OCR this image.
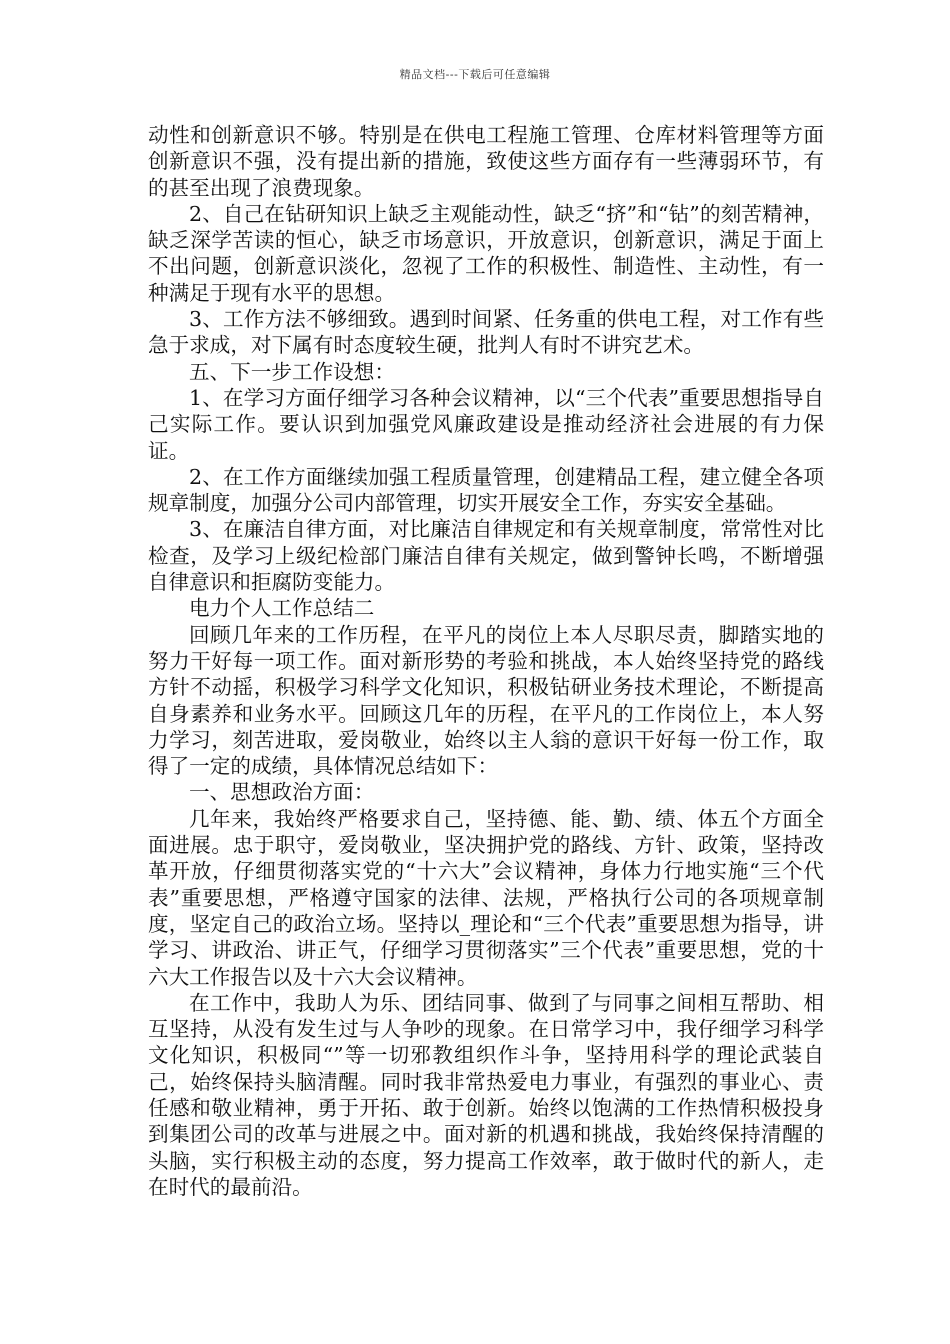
精品文档---下载后可任意编辑

动性和创新意识不够。特别是在供电工程施工管理、仓库材料管理等方面创新意识不强，没有提出新的措施，致使这些方面存有一些薄弱环节，有的甚至出现了浪费现象。

2、自己在钻研知识上缺乏主观能动性，缺乏“挤”和“钻”的刻苦精神，缺乏深学苦读的恒心，缺乏市场意识，开放意识，创新意识，满足于面上不出问题，创新意识淡化，忽视了工作的积极性、制造性、主动性，有一种满足于现有水平的思想。

3、工作方法不够细致。遇到时间紧、任务重的供电工程，对工作有些急于求成，对下属有时态度较生硬，批判人有时不讲究艺术。

五、下一步工作设想：

1、在学习方面仔细学习各种会议精神，以“三个代表”重要思想指导自己实际工作。要认识到加强党风廉政建设是推动经济社会进展的有力保证。

2、在工作方面继续加强工程质量管理，创建精品工程，建立健全各项规章制度，加强分公司内部管理，切实开展安全工作，夯实安全基础。

3、在廉洁自律方面，对比廉洁自律规定和有关规章制度，常常性对比检查，及学习上级纪检部门廉洁自律有关规定，做到警钟长鸣，不断增强自律意识和拒腐防变能力。

电力个人工作总结二

回顾几年来的工作历程，在平凡的岗位上本人尽职尽责，脚踏实地的努力干好每一项工作。面对新形势的考验和挑战，本人始终坚持党的路线方针不动摇，积极学习科学文化知识，积极钻研业务技术理论，不断提高自身素养和业务水平。回顾这几年的历程，在平凡的工作岗位上，本人努力学习，刻苦进取，爱岗敬业，始终以主人翁的意识干好每一份工作，取得了一定的成绩，具体情况总结如下：

一、思想政治方面：

几年来，我始终严格要求自己，坚持德、能、勤、绩、体五个方面全面进展。忠于职守，爱岗敬业，坚决拥护党的路线、方针、政策，坚持改革开放，仔细贯彻落实党的“十六大”会议精神，身体力行地实施“三个代表”重要思想，严格遵守国家的法律、法规，严格执行公司的各项规章制度，坚定自己的政治立场。坚持以_理论和“三个代表”重要思想为指导，讲学习、讲政治、讲正气，仔细学习贯彻落实”三个代表”重要思想，党的十六大工作报告以及十六大会议精神。

在工作中，我助人为乐、团结同事、做到了与同事之间相互帮助、相互坚持，从没有发生过与人争吵的现象。在日常学习中，我仔细学习科学文化知识，积极同“”等一切邪教组织作斗争，坚持用科学的理论武装自己，始终保持头脑清醒。同时我非常热爱电力事业，有强烈的事业心、责任感和敬业精神，勇于开拓、敢于创新。始终以饱满的工作热情积极投身到集团公司的改革与进展之中。面对新的机遇和挑战，我始终保持清醒的头脑，实行积极主动的态度，努力提高工作效率，敢于做时代的新人，走在时代的最前沿。
